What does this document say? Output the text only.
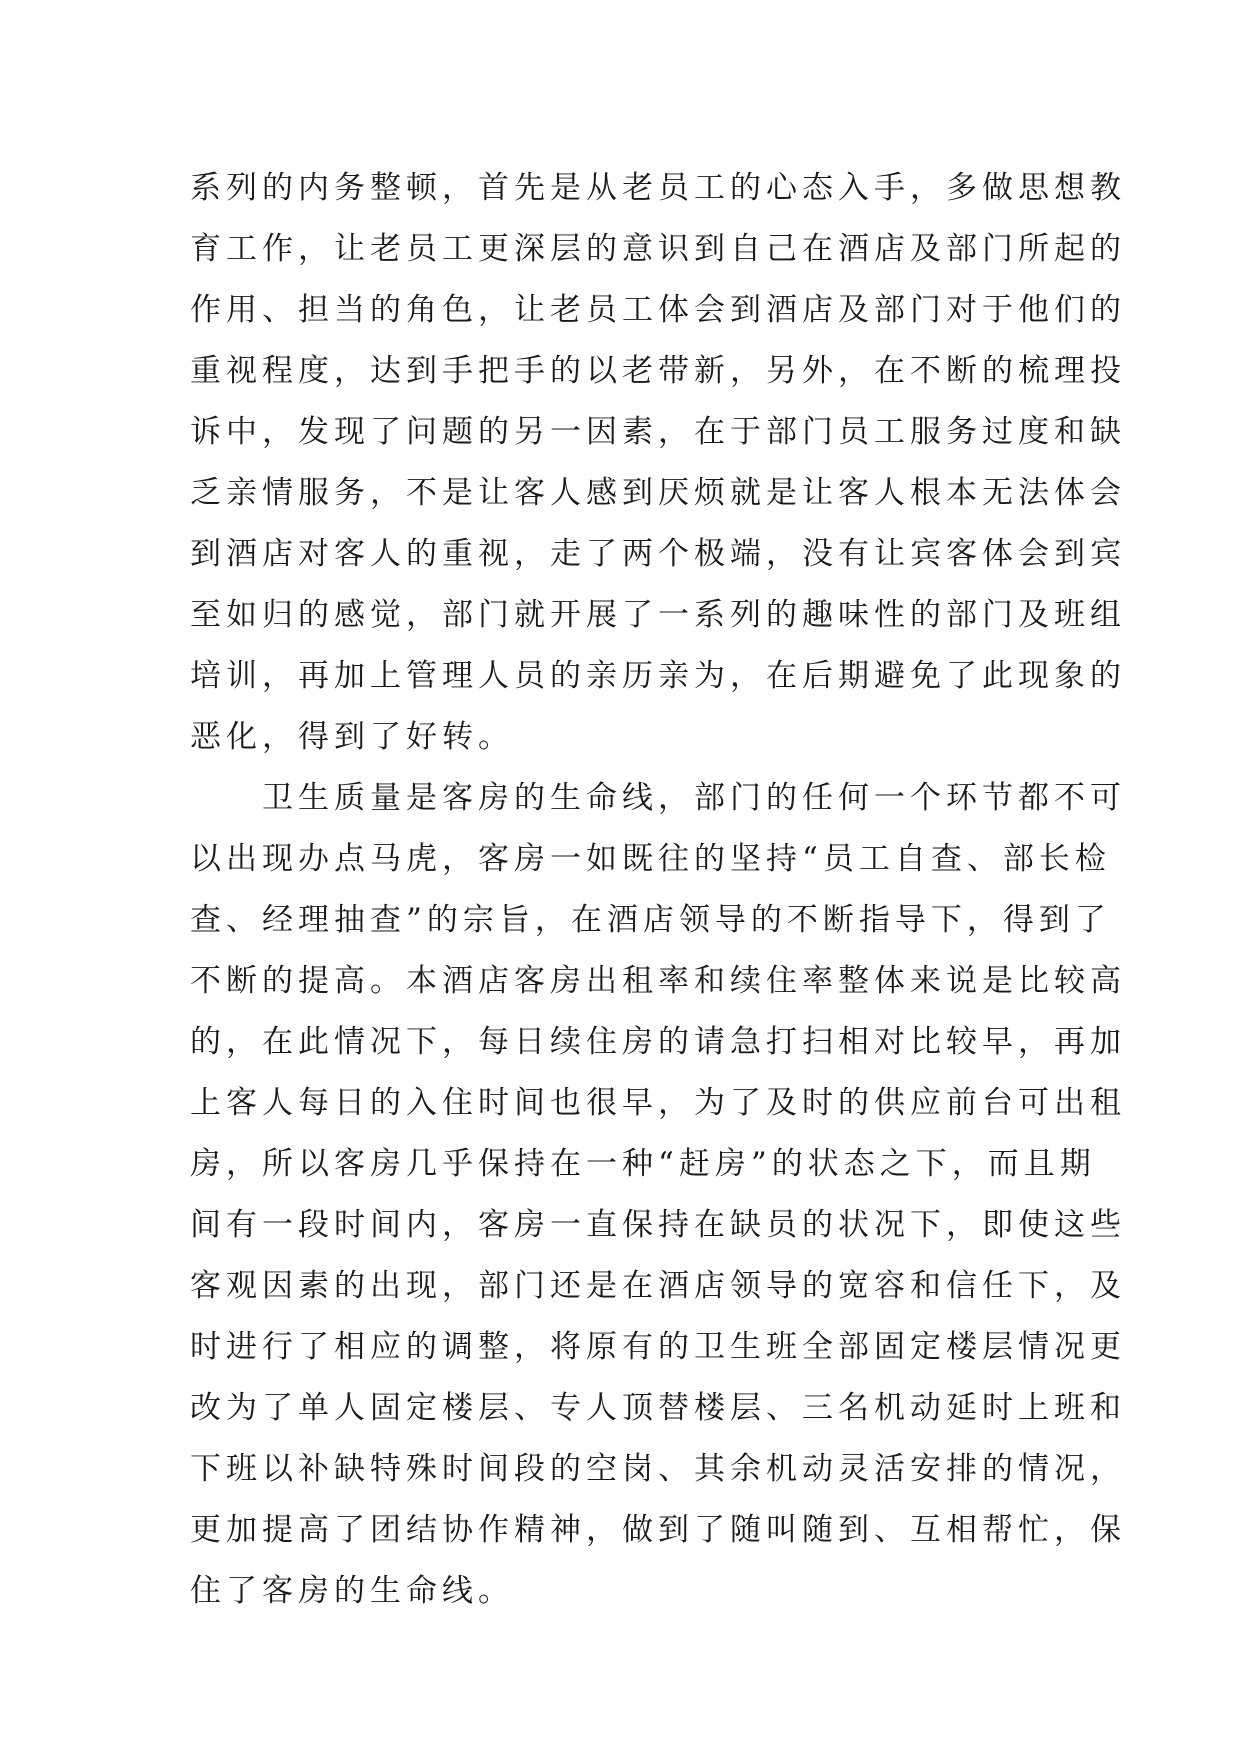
系列的内务整顿，首先是从老员工的心态入手，多做思想教
育工作，让老员工更深层的意识到自己在酒店及部门所起的
作用、担当的角色，让老员工体会到酒店及部门对于他们的
重视程度，达到手把手的以老带新，另外，在不断的梳理投
诉中，发现了问题的另一因素，在于部门员工服务过度和缺
乏亲情服务，不是让客人感到厌烦就是让客人根本无法体会
到酒店对客人的重视，走了两个极端，没有让宾客体会到宾
至如归的感觉，部门就开展了一系列的趣味性的部门及班组
培训，再加上管理人员的亲历亲为，在后期避免了此现象的
恶化，得到了好转。
卫生质量是客房的生命线，部门的任何一个环节都不可
以出现办点马虎，客房一如既往的坚持“员工自查、部长检
查、经理抽查”的宗旨，在酒店领导的不断指导下，得到了
不断的提高。本酒店客房出租率和续住率整体来说是比较高
的，在此情况下，每日续住房的请急打扫相对比较早，再加
上客人每日的入住时间也很早，为了及时的供应前台可出租
房，所以客房几乎保持在一种“赶房”的状态之下，而且期
间有一段时间内，客房一直保持在缺员的状况下，即使这些
客观因素的出现，部门还是在酒店领导的宽容和信任下，及
时进行了相应的调整，将原有的卫生班全部固定楼层情况更
改为了单人固定楼层、专人顶替楼层、三名机动延时上班和
下班以补缺特殊时间段的空岗、其余机动灵活安排的情况，
更加提高了团结协作精神，做到了随叫随到、互相帮忙，保
住了客房的生命线。
